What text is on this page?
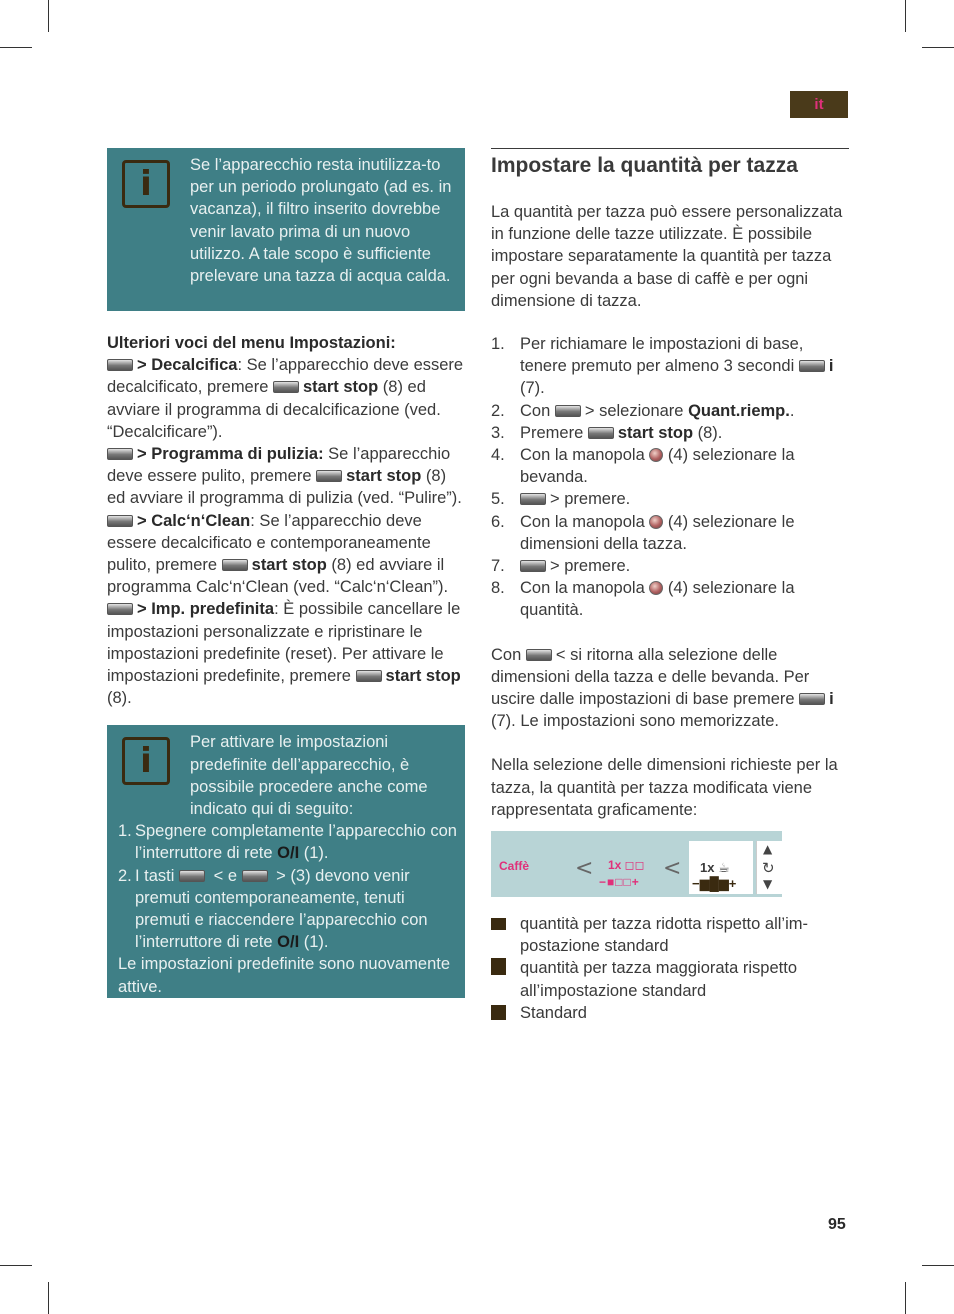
it
i Se l’apparecchio resta inutilizza-to per un periodo prolungato (ad es. in vacanza), il filtro inserito dovrebbe venir lavato prima di un nuovo utilizzo. A tale scopo è sufficiente prelevare una tazza di acqua calda.
Ulteriori voci del menu Impostazioni:
> Decalcifica: Se l’apparecchio deve essere decalcificato, premere start stop (8) ed avviare il programma di decalcificazione (ved. “Decalcificare”).
> Programma di pulizia: Se l’apparecchio deve essere pulito, premere start stop (8) ed avviare il programma di pulizia (ved. “Pulire”).
> Calc‘n‘Clean: Se l’apparecchio deve essere decalcificato e contemporaneamente pulito, premere start stop (8) ed avviare il programma Calc‘n‘Clean (ved. “Calc‘n‘Clean”).
> Imp. predefinita: È possibile cancellare le impostazioni personalizzate e ripristinare le impostazioni predefinite (reset). Per attivare le impostazioni predefinite, premere start stop (8).
i	Per attivare le impostazioni predefinite dell’apparecchio, è possibile procedere anche come indicato qui di seguito:
1. Spegnere completamente l’apparecchio con l’interruttore di rete O/I (1).
2. I tasti  < e  > (3) devono venir premuti contemporaneamente, tenuti premuti e riaccendere l’apparecchio con l’interruttore di rete O/I (1).
Le impostazioni predefinite sono nuovamente attive.
Impostare la quantità per tazza
La quantità per tazza può essere personalizzata in funzione delle tazze utilizzate. È possibile impostare separatamente la quantità per tazza per ogni bevanda a base di caffè e per ogni dimensione di tazza.
1. Per richiamare le impostazioni di base, tenere premuto per almeno 3 secondi i (7).
2. Con > selezionare Quant.riemp..
3. Premere start stop (8).
4. Con la manopola  (4) selezionare la bevanda.
5.	> premere.
6. Con la manopola  (4) selezionare le dimensioni della tazza.
7.	> premere.
8. Con la manopola  (4) selezionare la quantità.
Con < si ritorna alla selezione delle dimensioni della tazza e delle bevanda. Per uscire dalle impostazioni di base premere i (7). Le impostazioni sono memorizzate.
Nella selezione delle dimensioni richieste per la tazza, la quantità per tazza modificata viene rappresentata graficamente:
Caffè < 1x ◻◻
−■□□+
< 1x ☕
−▆█▆+
▲
↻
▼
quantità per tazza ridotta rispetto all’im-postazione standard
quantità per tazza maggiorata rispetto all’impostazione standard
Standard
95
